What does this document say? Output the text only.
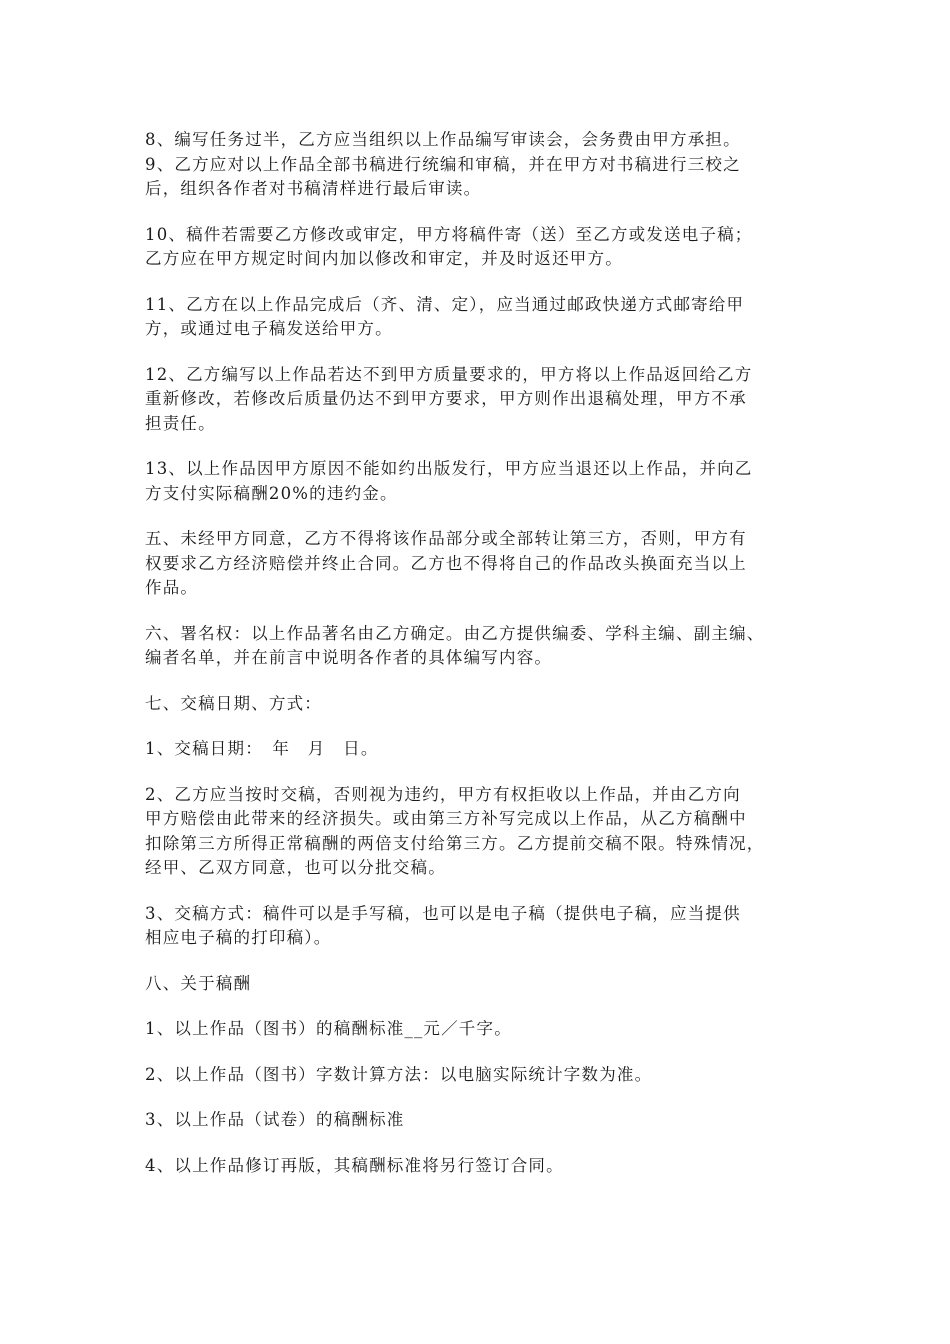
8、编写任务过半，乙方应当组织以上作品编写审读会，会务费由甲方承担。

9、乙方应对以上作品全部书稿进行统编和审稿，并在甲方对书稿进行三校之
后，组织各作者对书稿清样进行最后审读。

10、稿件若需要乙方修改或审定，甲方将稿件寄（送）至乙方或发送电子稿；
乙方应在甲方规定时间内加以修改和审定，并及时返还甲方。

11、乙方在以上作品完成后（齐、清、定），应当通过邮政快递方式邮寄给甲
方，或通过电子稿发送给甲方。

12、乙方编写以上作品若达不到甲方质量要求的，甲方将以上作品返回给乙方
重新修改，若修改后质量仍达不到甲方要求，甲方则作出退稿处理，甲方不承
担责任。

13、以上作品因甲方原因不能如约出版发行，甲方应当退还以上作品，并向乙
方支付实际稿酬20%的违约金。

五、未经甲方同意，乙方不得将该作品部分或全部转让第三方，否则，甲方有
权要求乙方经济赔偿并终止合同。乙方也不得将自己的作品改头换面充当以上
作品。

六、署名权：以上作品著名由乙方确定。由乙方提供编委、学科主编、副主编、
编者名单，并在前言中说明各作者的具体编写内容。

七、交稿日期、方式：

1、交稿日期：　年　月　日。

2、乙方应当按时交稿，否则视为违约，甲方有权拒收以上作品，并由乙方向
甲方赔偿由此带来的经济损失。或由第三方补写完成以上作品，从乙方稿酬中
扣除第三方所得正常稿酬的两倍支付给第三方。乙方提前交稿不限。特殊情况，
经甲、乙双方同意，也可以分批交稿。

3、交稿方式：稿件可以是手写稿，也可以是电子稿（提供电子稿，应当提供
相应电子稿的打印稿）。

八、关于稿酬

1、以上作品（图书）的稿酬标准__元／千字。

2、以上作品（图书）字数计算方法：以电脑实际统计字数为准。

3、以上作品（试卷）的稿酬标准

4、以上作品修订再版，其稿酬标准将另行签订合同。
